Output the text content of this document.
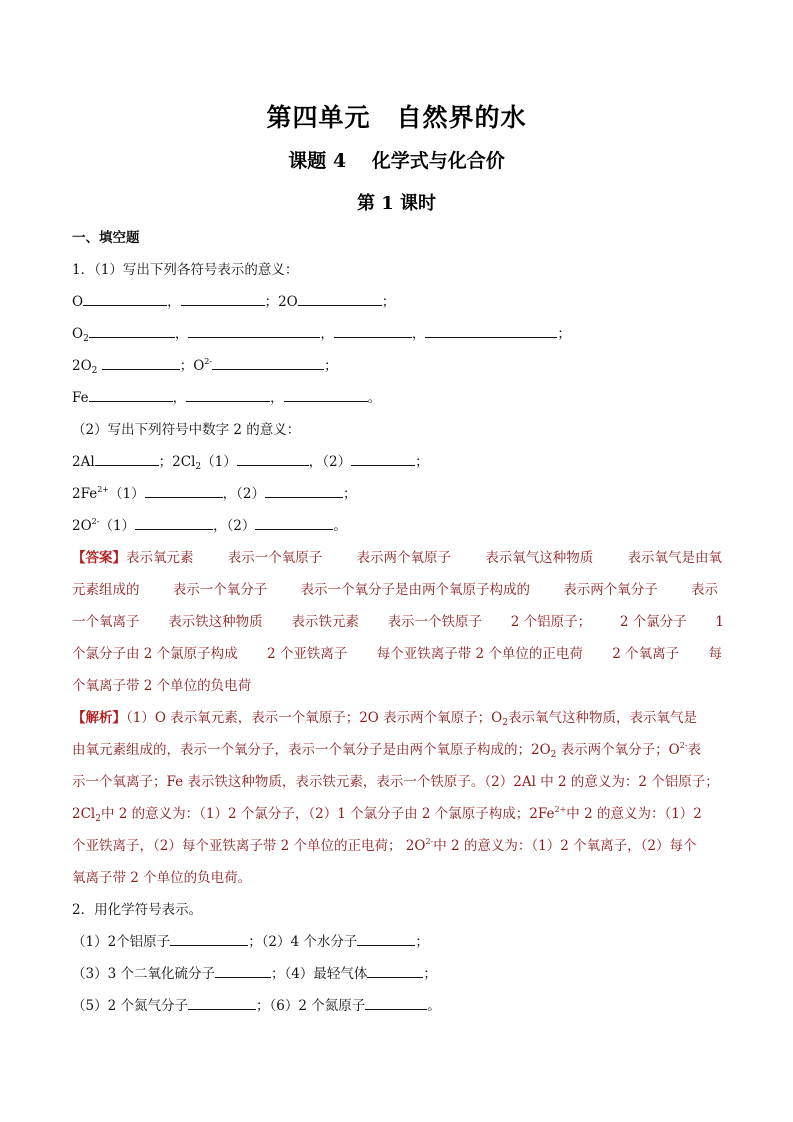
第四单元　自然界的水
课题 4　 化学式与化合价
第 1 课时
一、填空题
1．（1）写出下列各符号表示的意义：
O	，	；2O	；
$O_2$	，	，	，	；
$2O_2$	；$O^{2-}$	；
Fe	，	，	。
（2）写出下列符号中数字 2 的意义：
2Al	；$2Cl_2(1)$	，（2）	；
$2Fe^{2+}(1)$	，（2）	；
$2O^{2-}(1)$	，（2）	。
【答案】表示氧元素	表示一个氧原子	表示两个氧原子	表示氧气这种物质	表示氧气是由氧
元素组成的 表示一个氧分子 表示一个氧分子是由两个氧原子构成的 表示两个氧分子 表示
一个氧离子 表示铁这种物质 表示铁元素 表示一个铁原子 2 个铝原子； 2 个氯分子 1
个氯分子由 2 个氯原子构成 2 个亚铁离子 每个亚铁离子带 2 个单位的正电荷 2 个氧离子 每
个氧离子带 2 个单位的负电荷
【解析】（1）O 表示氧元素，表示一个氧原子；2O 表示两个氧原子；$O_2$表示氧气这种物质，表示氧气是
由氧元素组成的，表示一个氧分子，表示一个氧分子是由两个氧原子构成的；$2O_2$ 表示两个氧分子；$O^{2-}$表
示一个氧离子；Fe 表示铁这种物质，表示铁元素，表示一个铁原子。（2）2Al 中 2 的意义为：2 个铝原子；
$2Cl_2$中 2 的意义为：（1）2 个氯分子，（2）1 个氯分子由 2 个氯原子构成；$2Fe^{2+}$中 2 的意义为：（1）2
个亚铁离子，（2）每个亚铁离子带 2 个单位的正电荷； $2O^{2-}$中 2 的意义为：（1）2 个氧离子，（2）每个
氧离子带 2 个单位的负电荷。
2．用化学符号表示。
（1）2个铝原子	；（2）4 个水分子	；
（3）3 个二氧化硫分子	；（4）最轻气体	；
（5）2 个氮气分子	；（6）2 个氮原子	。
